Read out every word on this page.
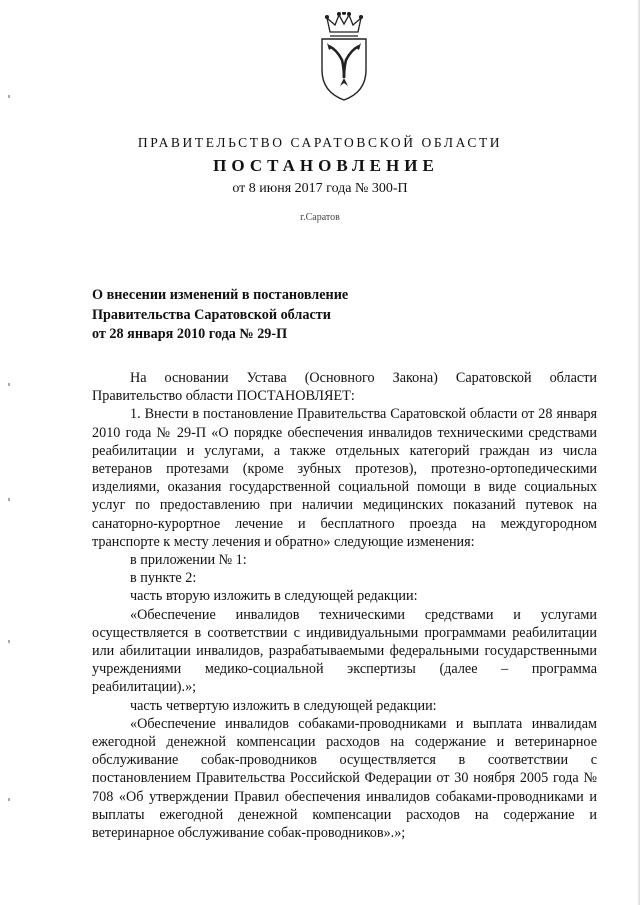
ПРАВИТЕЛЬСТВО САРАТОВСКОЙ ОБЛАСТИ
ПОСТАНОВЛЕНИЕ
от 8 июня 2017 года № 300-П
г.Саратов
О внесении изменений в постановление
Правительства Саратовской области
от 28 января 2010 года № 29-П

На основании Устава (Основного Закона) Саратовской области Правительство области ПОСТАНОВЛЯЕТ:

1. Внести в постановление Правительства Саратовской области от 28 января 2010 года № 29-П «О порядке обеспечения инвалидов техническими средствами реабилитации и услугами, а также отдельных категорий граждан из числа ветеранов протезами (кроме зубных протезов), протезно-ортопедическими изделиями, оказания государственной социальной помощи в виде социальных услуг по предоставлению при наличии медицинских показаний путевок на санаторно-курортное лечение и бесплатного проезда на междугородном транспорте к месту лечения и обратно» следующие изменения:

в приложении № 1:

в пункте 2:

часть вторую изложить в следующей редакции:

«Обеспечение инвалидов техническими средствами и услугами осуществляется в соответствии с индивидуальными программами реабилитации или абилитации инвалидов, разрабатываемыми федеральными государственными учреждениями медико-социальной экспертизы (далее – программа реабилитации).»;

часть четвертую изложить в следующей редакции:

«Обеспечение инвалидов собаками-проводниками и выплата инвалидам ежегодной денежной компенсации расходов на содержание и ветеринарное обслуживание собак-проводников осуществляется в соответствии с постановлением Правительства Российской Федерации от 30 ноября 2005 года № 708 «Об утверждении Правил обеспечения инвалидов собаками-проводниками и выплаты ежегодной денежной компенсации расходов на содержание и ветеринарное обслуживание собак-проводников».»;
